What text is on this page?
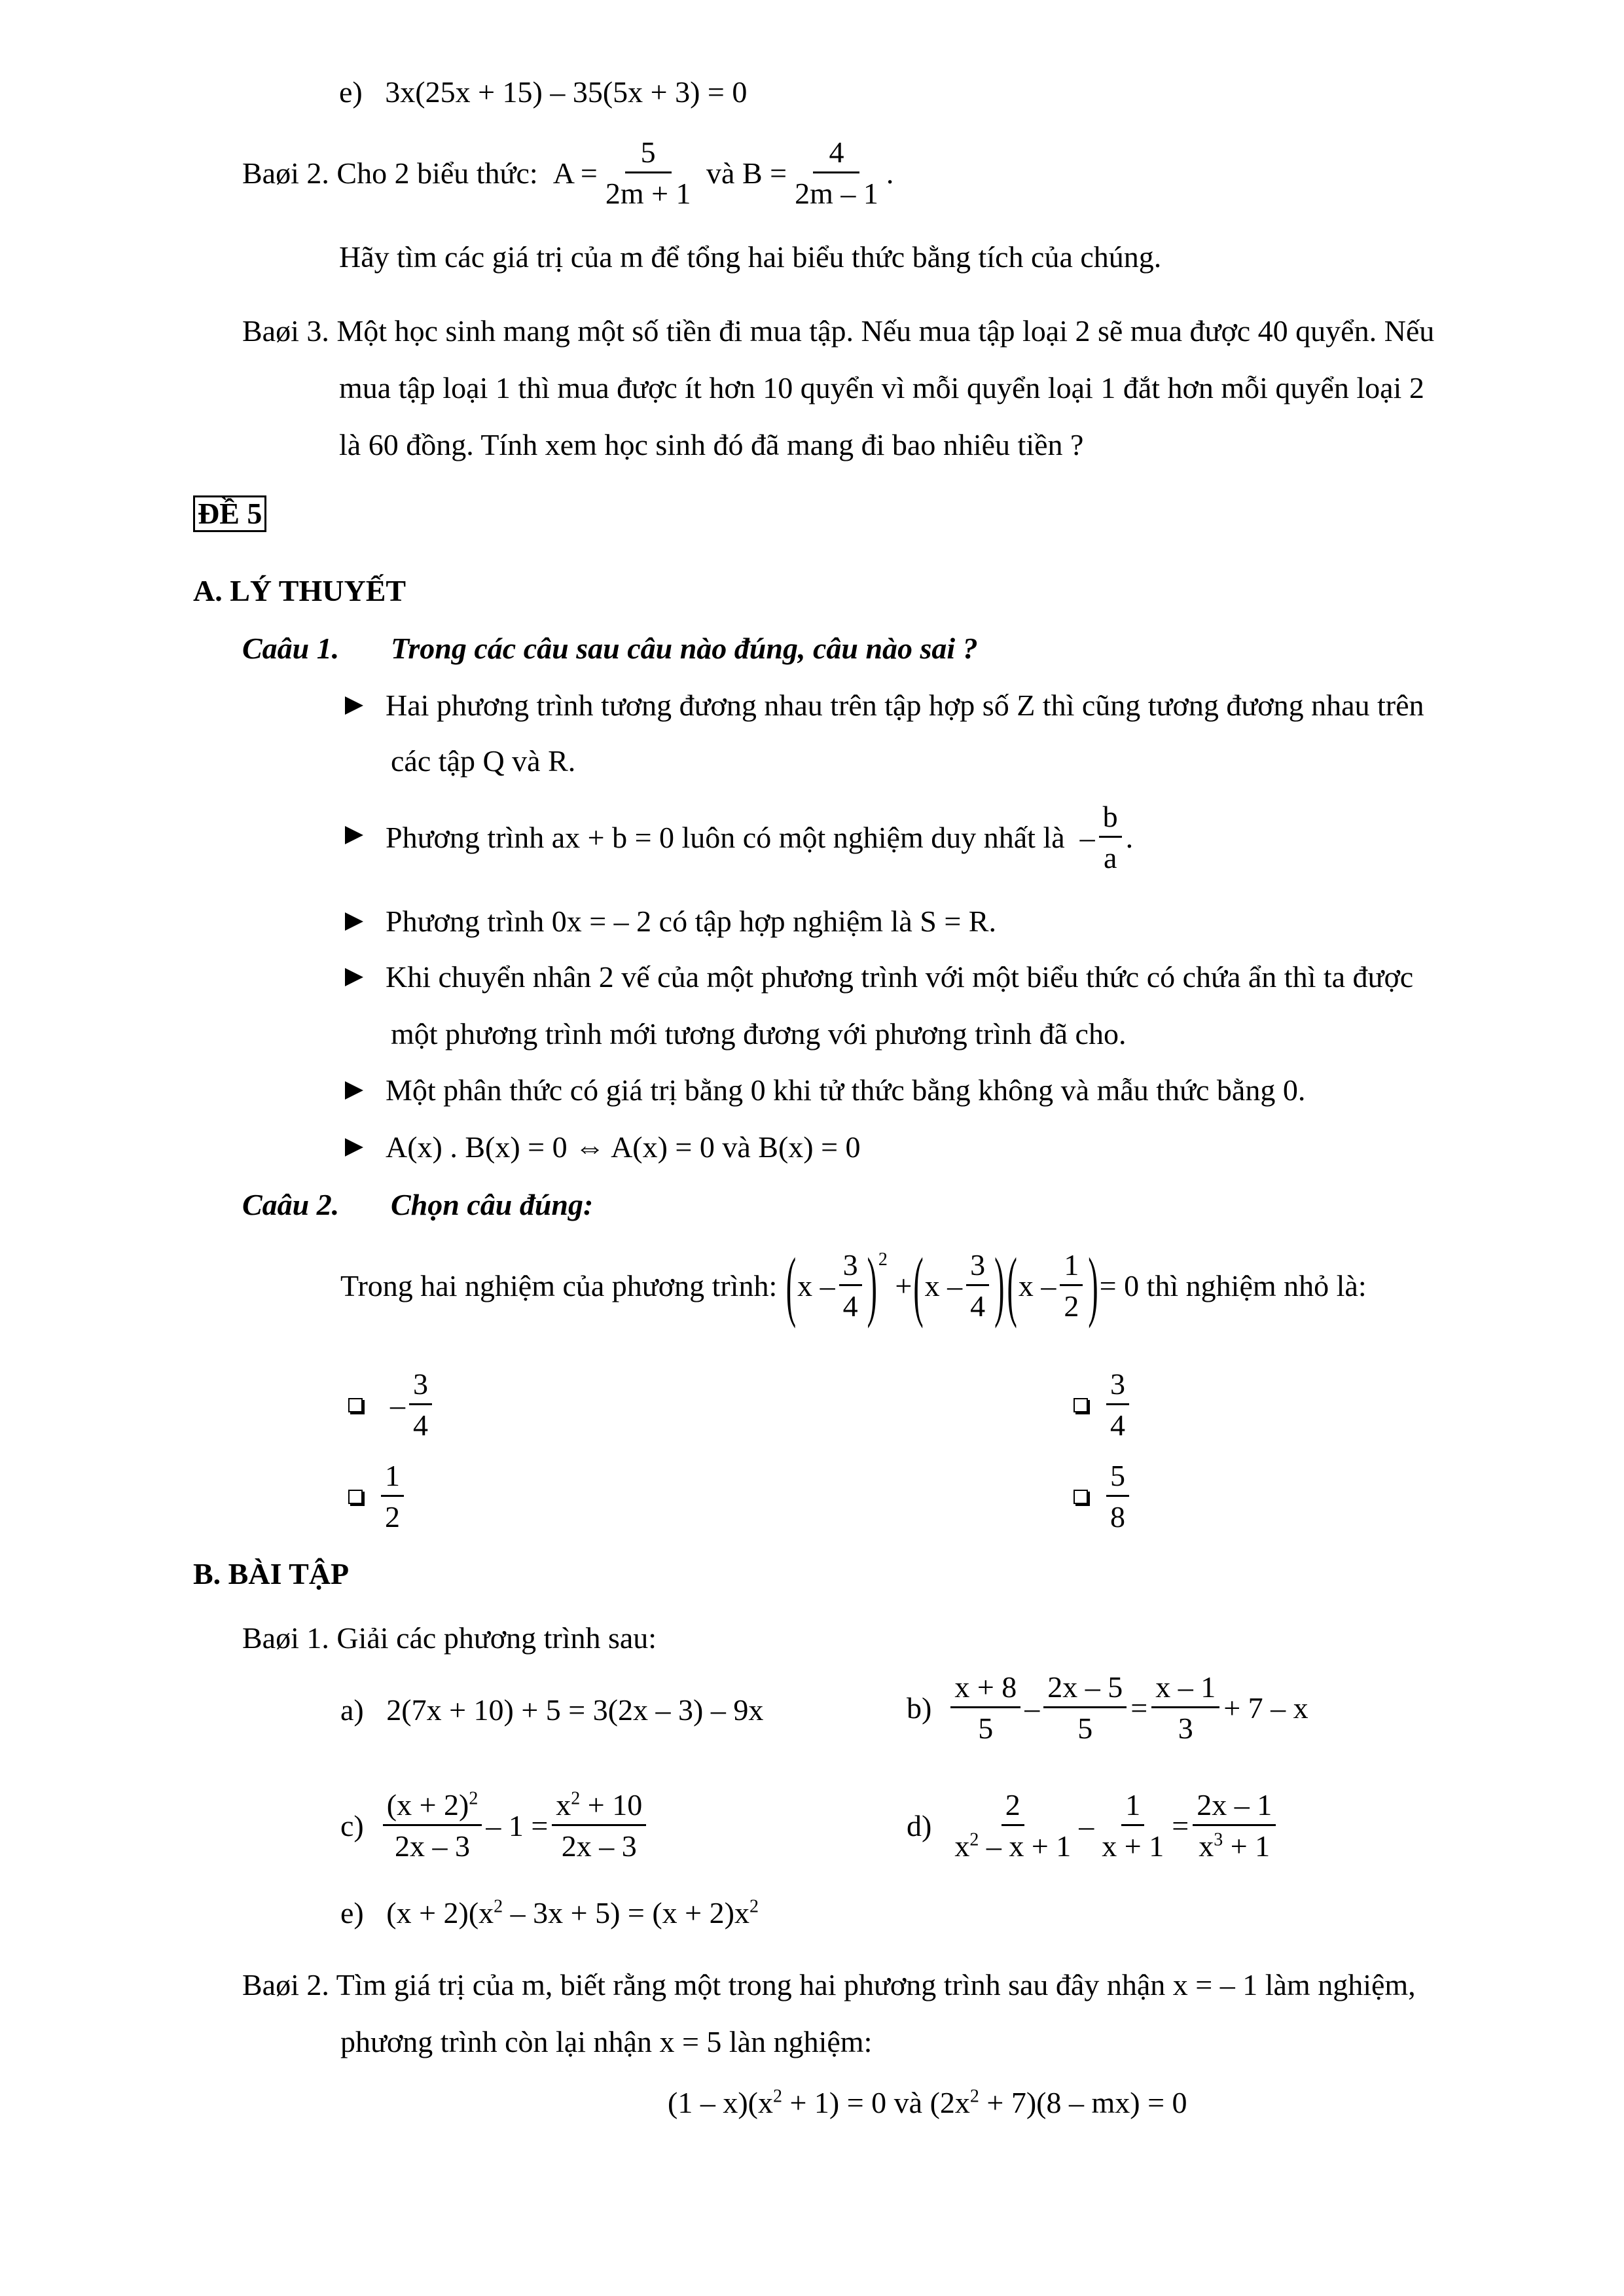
e) 3x(25x + 15) – 35(5x + 3) = 0
Baøi 2.
Cho 2 biểu thức:
$A = \frac{5}{2m + 1}$
và
$B = \frac{4}{2m - 1}$ .
Hãy tìm các giá trị của m để tổng hai biểu thức bằng tích của chúng.
Baøi 3. Một học sinh mang một số tiền đi mua tập. Nếu mua tập loại 2 sẽ mua được 40 quyển. Nếu
mua tập loại 1 thì mua được ít hơn 10 quyển vì mỗi quyển loại 1 đắt hơn mỗi quyển loại 2
là 60 đồng. Tính xem học sinh đó đã mang đi bao nhiêu tiền ?
ĐỀ 5
A. LÝ THUYẾT
Caâu 1. Trong các câu sau câu nào đúng, câu nào sai ?
Hai phương trình tương đương nhau trên tập hợp số Z thì cũng tương đương nhau trên
các tập Q và R.
Phương trình ax + b = 0 luôn có một nghiệm duy nhất là
– $\frac{b}{a}$ .
Phương trình 0x = – 2 có tập hợp nghiệm là S = R.
Khi chuyển nhân 2 vế của một phương trình với một biểu thức có chứa ẩn thì ta được
một phương trình mới tương đương với phương trình đã cho.
Một phân thức có giá trị bằng 0 khi tử thức bằng không và mẫu thức bằng 0.
A(x) . B(x) = 0 ⇔ A(x) = 0 và B(x) = 0
Caâu 2. Chọn câu đúng:
Trong hai nghiệm của phương trình:
( x – $\frac{3}{4}$ ) 2

+ ( x – $\frac{3}{4}$ ) ( x – $\frac{1}{2}$ ) = 0
thì nghiệm nhỏ là:
– $\frac{3}{4}$	$\frac{3}{4}$
$\frac{1}{2}$	$\frac{5}{8}$
B. BÀI TẬP
Baøi 1. Giải các phương trình sau:
a) 2(7x + 10) + 5 = 3(2x – 3) – 9x	b)
$\frac{x + 8}{5} - \frac{2x - 5}{5} = \frac{x - 1}{3} + 7 - x$
c)
$\frac{(x + 2)^2}{2x - 3} - 1 = \frac{x^2 + 10}{2x - 3}$	d)
$\frac{2}{x^2 - x + 1} - \frac{1}{x + 1} = \frac{2x - 1}{x^3 + 1}$
e) $(x + 2)(x^2 - 3x + 5) = (x + 2)x^2$
Baøi 2. Tìm giá trị của m, biết rằng một trong hai phương trình sau đây nhận x = – 1 làm nghiệm,
phương trình còn lại nhận x = 5 làn nghiệm:
$(1 - x)(x^2 + 1) = 0$ và $(2x^2 + 7)(8 - mx) = 0$
